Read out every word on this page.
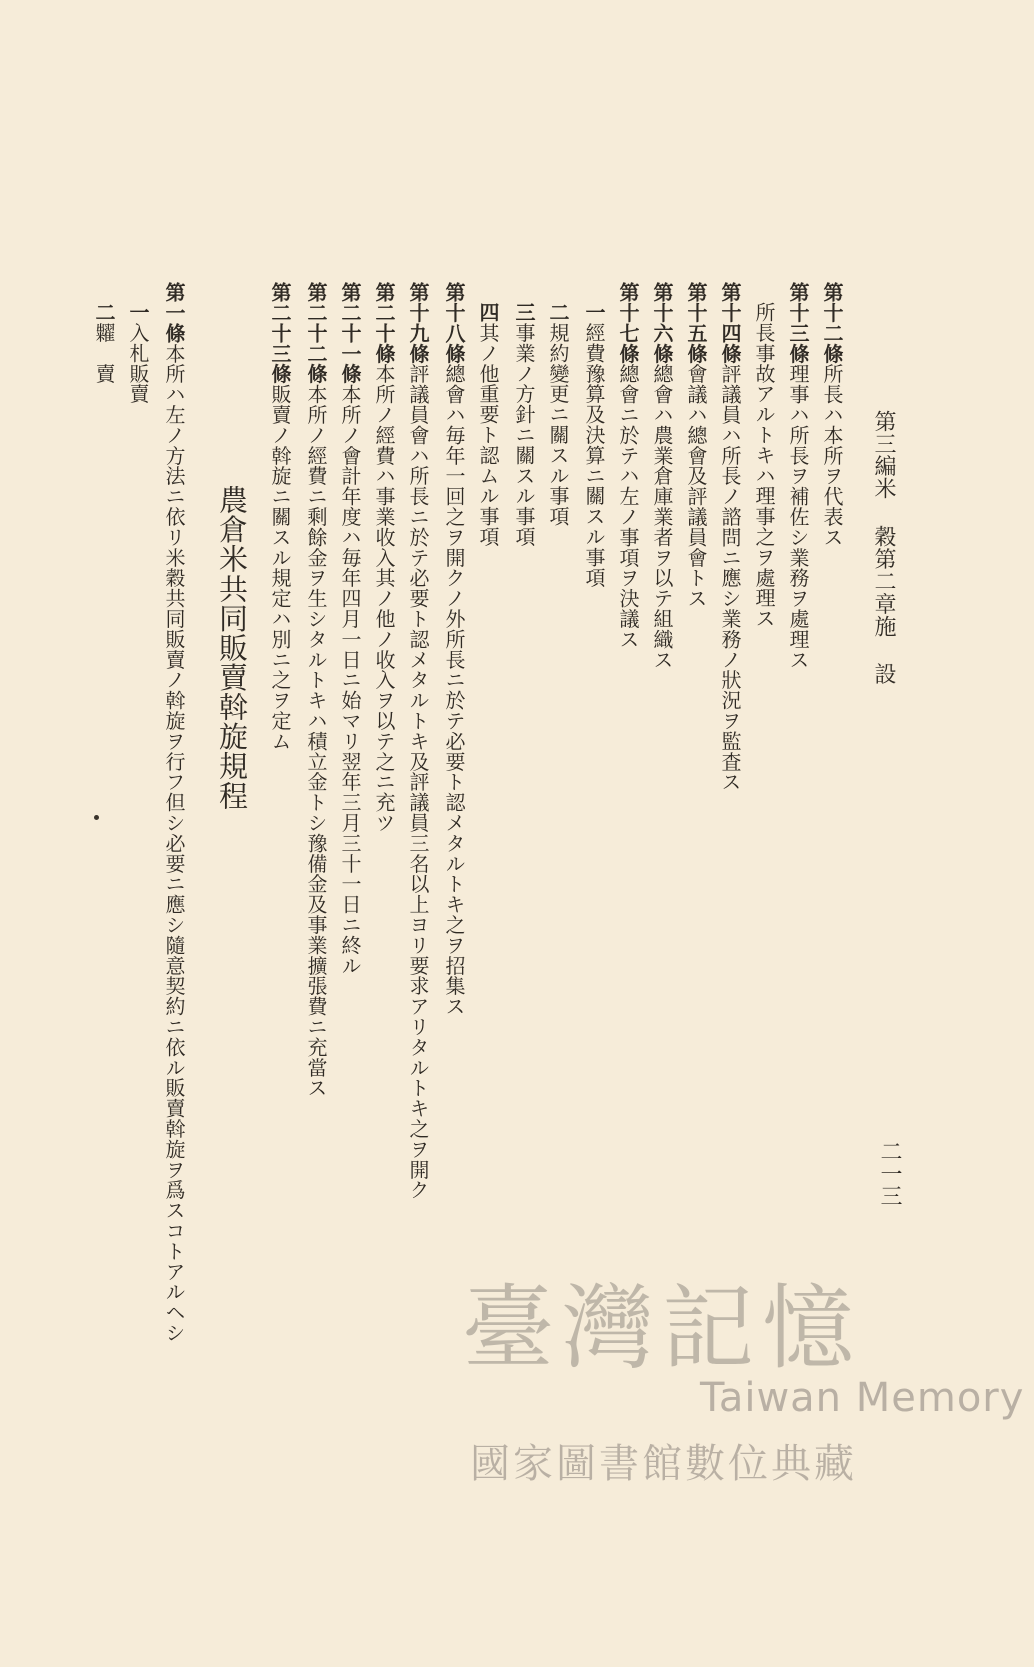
第三編米 穀第二章施 設
二一三
第十二條所長ハ本所ヲ代表ス
第十三條理事ハ所長ヲ補佐シ業務ヲ處理ス
所長事故アルトキハ理事之ヲ處理ス
第十四條評議員ハ所長ノ諮問ニ應シ業務ノ狀況ヲ監査ス
第十五條會議ハ總會及評議員會トス
第十六條總會ハ農業倉庫業者ヲ以テ組織ス
第十七條總會ニ於テハ左ノ事項ヲ決議ス
一經費豫算及決算ニ關スル事項
二規約變更ニ關スル事項
三事業ノ方針ニ關スル事項
四其ノ他重要ト認ムル事項
第十八條總會ハ毎年一回之ヲ開クノ外所長ニ於テ必要ト認メタルトキ之ヲ招集ス
第十九條評議員會ハ所長ニ於テ必要ト認メタルトキ及評議員三名以上ヨリ要求アリタルトキ之ヲ開ク
第二十條本所ノ經費ハ事業收入其ノ他ノ收入ヲ以テ之ニ充ツ
第二十一條本所ノ會計年度ハ毎年四月一日ニ始マリ翌年三月三十一日ニ終ル
第二十二條本所ノ經費ニ剩餘金ヲ生シタルトキハ積立金トシ豫備金及事業擴張費ニ充當ス
第二十三條販賣ノ斡旋ニ關スル規定ハ別ニ之ヲ定ム
農倉米共同販賣斡旋規程
第一條本所ハ左ノ方法ニ依リ米穀共同販賣ノ斡旋ヲ行フ但シ必要ニ應シ隨意契約ニ依ル販賣斡旋ヲ爲スコトアルヘシ
一入札販賣
二糶　賣
臺灣記憶
Taiwan Memory
國家圖書館數位典藏
